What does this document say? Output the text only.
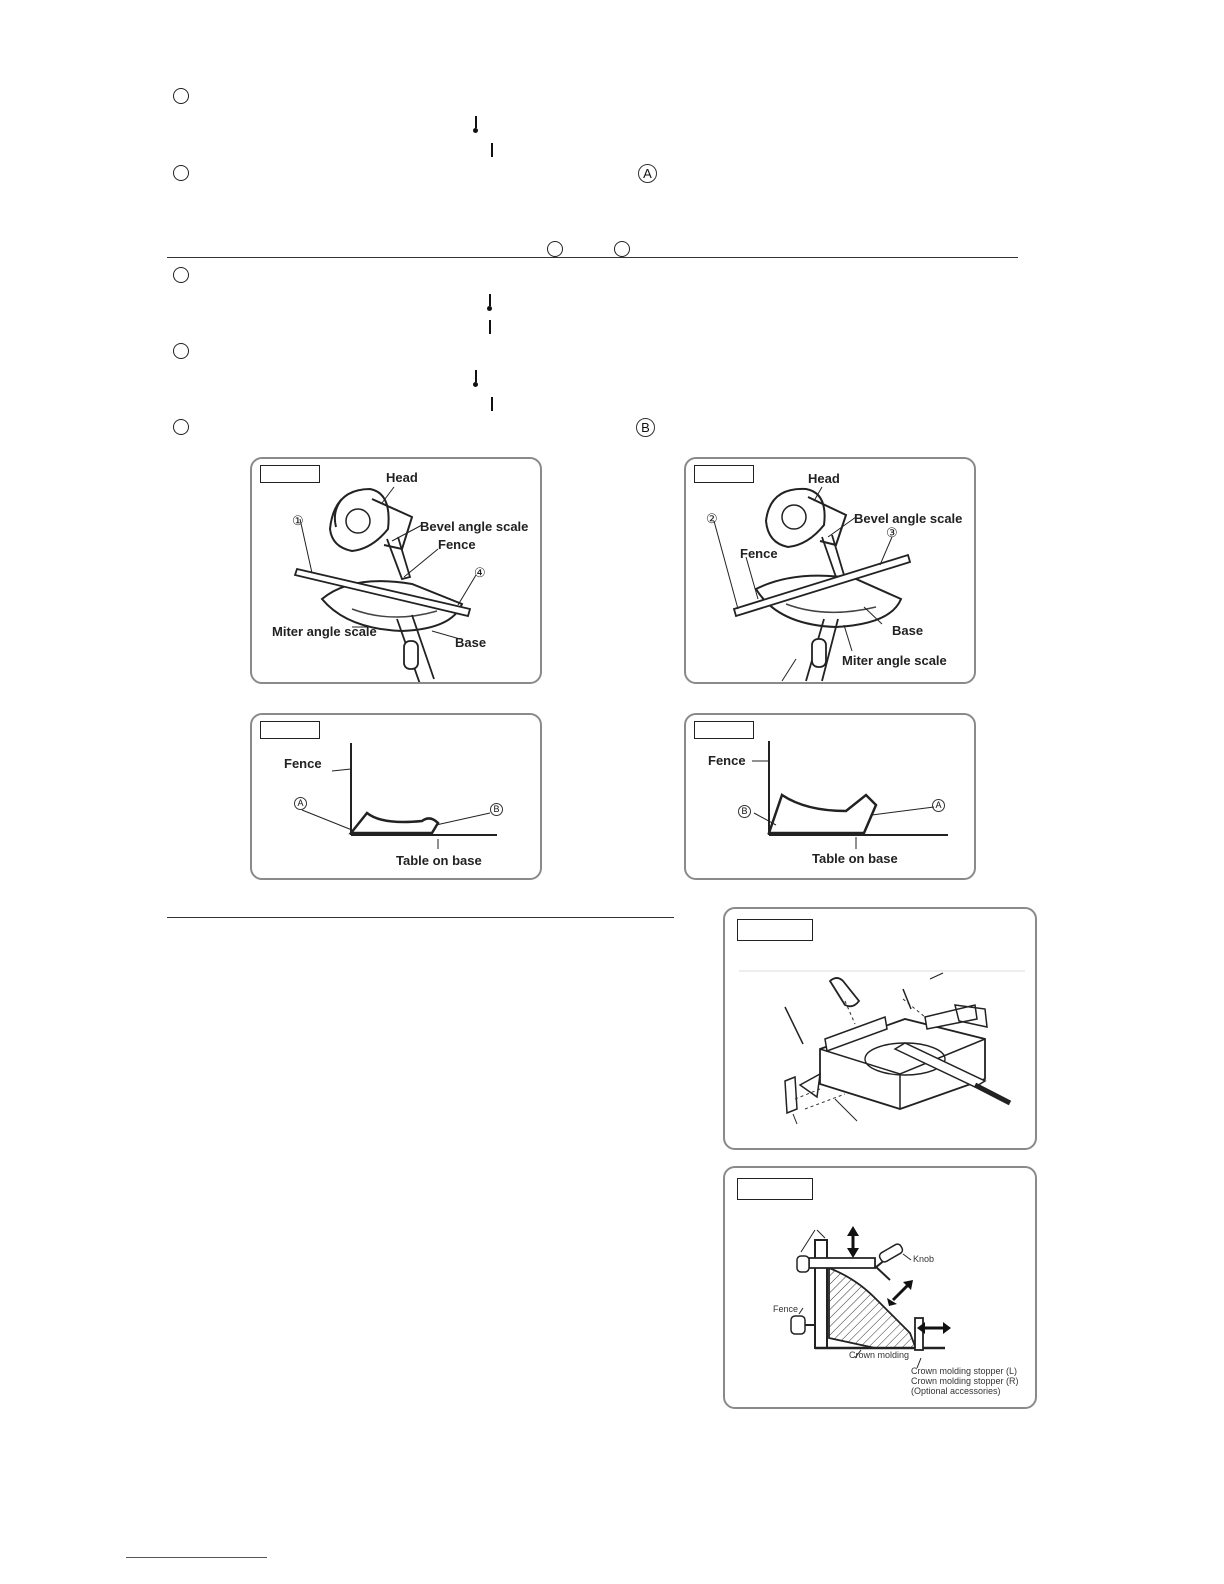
A
B
Head
Bevel angle scale
Fence
Miter angle scale
Base
①
④
Head
Bevel angle scale
Fence
Base
Miter angle scale
②
③
Fence
A
B
Table on base
Fence
B
A
Table on base
Knob
Fence
Crown molding
Crown molding stopper (L)
Crown molding stopper (R)
(Optional accessories)
